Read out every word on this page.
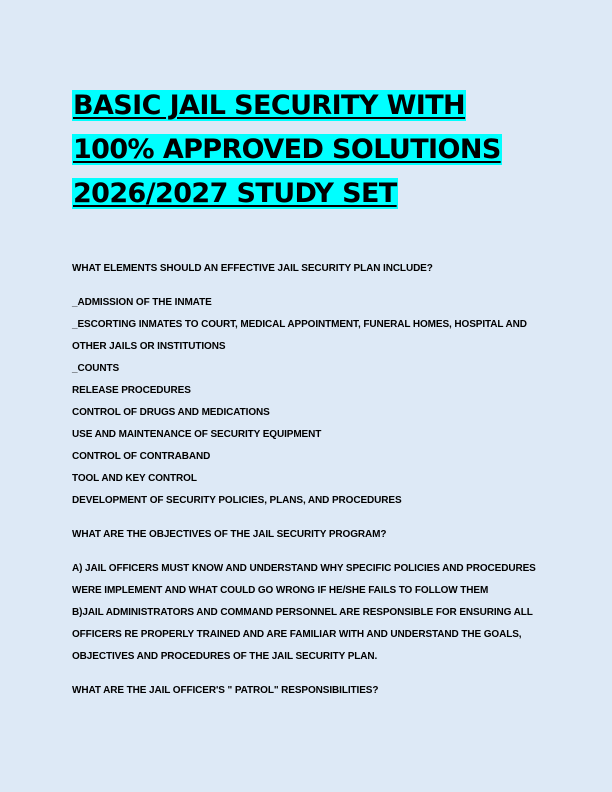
BASIC JAIL SECURITY WITH
100% APPROVED SOLUTIONS
2026/2027 STUDY SET
WHAT ELEMENTS SHOULD AN EFFECTIVE JAIL SECURITY PLAN INCLUDE?
_ADMISSION OF THE INMATE
_ESCORTING INMATES TO COURT, MEDICAL APPOINTMENT, FUNERAL HOMES, HOSPITAL AND
OTHER JAILS OR INSTITUTIONS
_COUNTS
RELEASE PROCEDURES
CONTROL OF DRUGS AND MEDICATIONS
USE AND MAINTENANCE OF SECURITY EQUIPMENT
CONTROL OF CONTRABAND
TOOL AND KEY CONTROL
DEVELOPMENT OF SECURITY POLICIES, PLANS, AND PROCEDURES
WHAT ARE THE OBJECTIVES OF THE JAIL SECURITY PROGRAM?
A) JAIL OFFICERS MUST KNOW AND UNDERSTAND WHY SPECIFIC POLICIES AND PROCEDURES
WERE IMPLEMENT AND WHAT COULD GO WRONG IF HE/SHE FAILS TO FOLLOW THEM
B)JAIL ADMINISTRATORS AND COMMAND PERSONNEL ARE RESPONSIBLE FOR ENSURING ALL
OFFICERS RE PROPERLY TRAINED AND ARE FAMILIAR WITH AND UNDERSTAND THE GOALS,
OBJECTIVES AND PROCEDURES OF THE JAIL SECURITY PLAN.
WHAT ARE THE JAIL OFFICER'S " PATROL" RESPONSIBILITIES?
